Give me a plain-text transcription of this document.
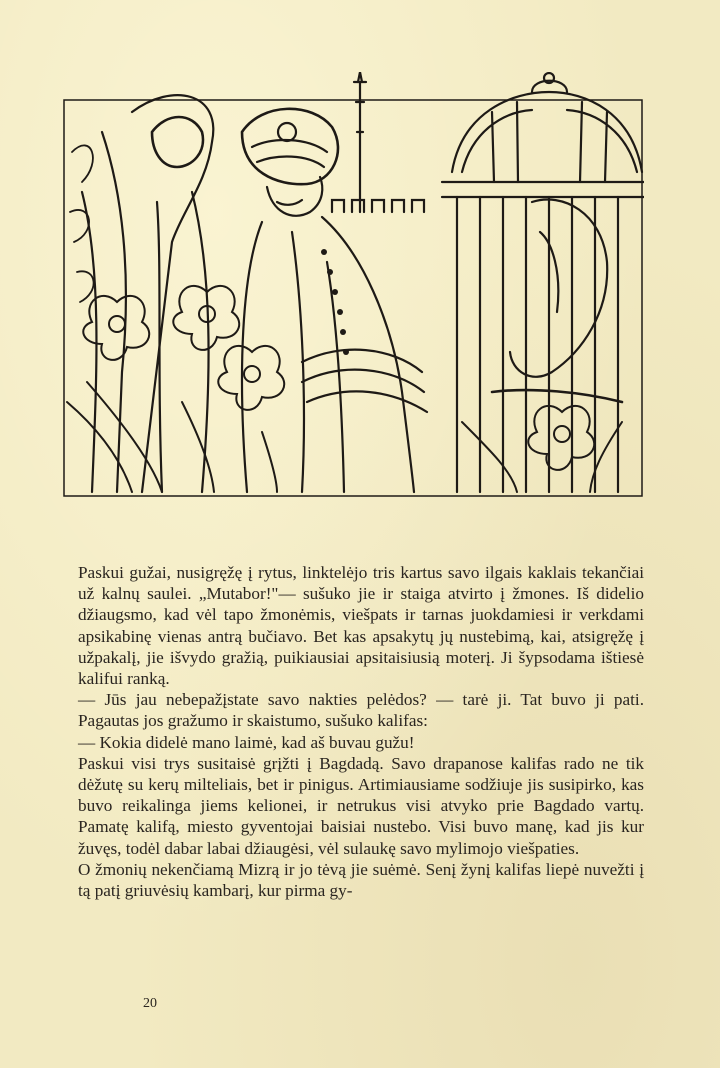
Paskui gužai, nusigręžę į rytus, linktelėjo tris kartus savo ilgais kaklais tekančiai už kalnų saulei. „Mutabor!"— sušuko jie ir staiga atvirto į žmones. Iš didelio džiaugsmo, kad vėl tapo žmonėmis, viešpats ir tarnas juokdamiesi ir verkdami apsikabinę vienas antrą bučiavo. Bet kas apsakytų jų nustebimą, kai, atsigręžę į užpakalį, jie išvydo gražią, puikiausiai apsitaisiusią moterį. Ji šypsodama ištiesė kalifui ranką.

— Jūs jau nebepažįstate savo nakties pelėdos? — tarė ji. Tat buvo ji pati. Pagautas jos gražumo ir skaistumo, sušuko kalifas:

— Kokia didelė mano laimė, kad aš buvau gužu!

Paskui visi trys susitaisė grįžti į Bagdadą. Savo drapanose kalifas rado ne tik dėžutę su kerų milteliais, bet ir pinigus. Artimiausiame sodžiuje jis susipirko, kas buvo reikalinga jiems kelionei, ir netrukus visi atvyko prie Bagdado vartų. Pamatę kalifą, miesto gyventojai baisiai nustebo. Visi buvo manę, kad jis kur žuvęs, todėl dabar labai džiaugėsi, vėl sulaukę savo mylimojo viešpaties.

O žmonių nekenčiamą Mizrą ir jo tėvą jie suėmė. Senį žynį kalifas liepė nuvežti į tą patį griuvėsių kambarį, kur pirma gy-

20
